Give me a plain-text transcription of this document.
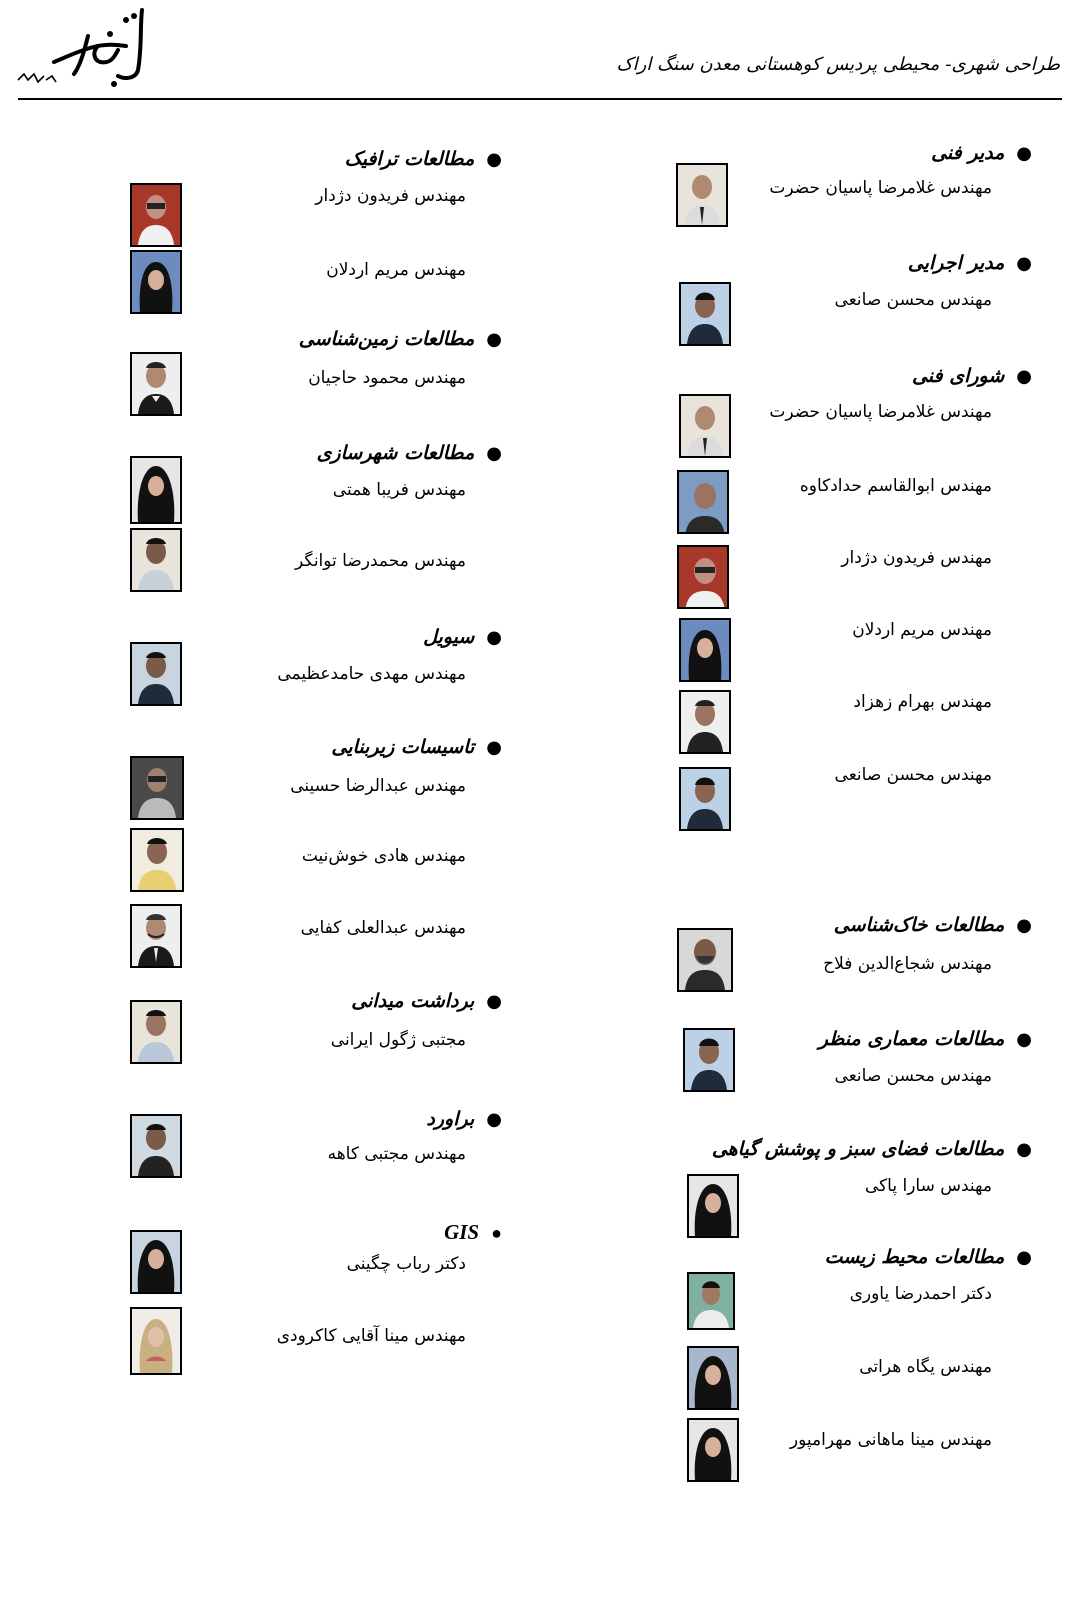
طراحی شهری- محیطی پردیس کوهستانی معدن سنگ اراک
●مدیر فنی
مهندس غلامرضا پاسیان حضرت
●مدیر اجرایی
مهندس محسن صانعی
●شورای فنی
مهندس غلامرضا پاسیان حضرت
مهندس ابوالقاسم حدادکاوه
مهندس فریدون دژدار
مهندس مریم اردلان
مهندس بهرام زهزاد
مهندس محسن صانعی
●مطالعات خاک‌شناسی
مهندس شجاع‌الدین فلاح
●مطالعات معماری منظر
مهندس محسن صانعی
●مطالعات فضای سبز و پوشش گیاهی
مهندس سارا پاکی
●مطالعات محیط زیست
دکتر احمدرضا یاوری
مهندس یگاه هراتی
مهندس مینا ماهانی مهرامپور
●مطالعات ترافیک
مهندس فریدون دژدار
مهندس مریم اردلان
●مطالعات زمین‌شناسی
مهندس محمود حاجیان
●مطالعات شهرسازی
مهندس فریبا همتی
مهندس محمدرضا توانگر
●سیویل
مهندس مهدی حامدعظیمی
●تاسیسات زیربنایی
مهندس عبدالرضا حسینی
مهندس هادی خوش‌نیت
مهندس عبدالعلی کفایی
●برداشت میدانی
مجتبی ژگول ایرانی
●براورد
مهندس مجتبی کاهه
●GIS
دکتر رباب چگینی
مهندس مینا آقایی کاکرودی
